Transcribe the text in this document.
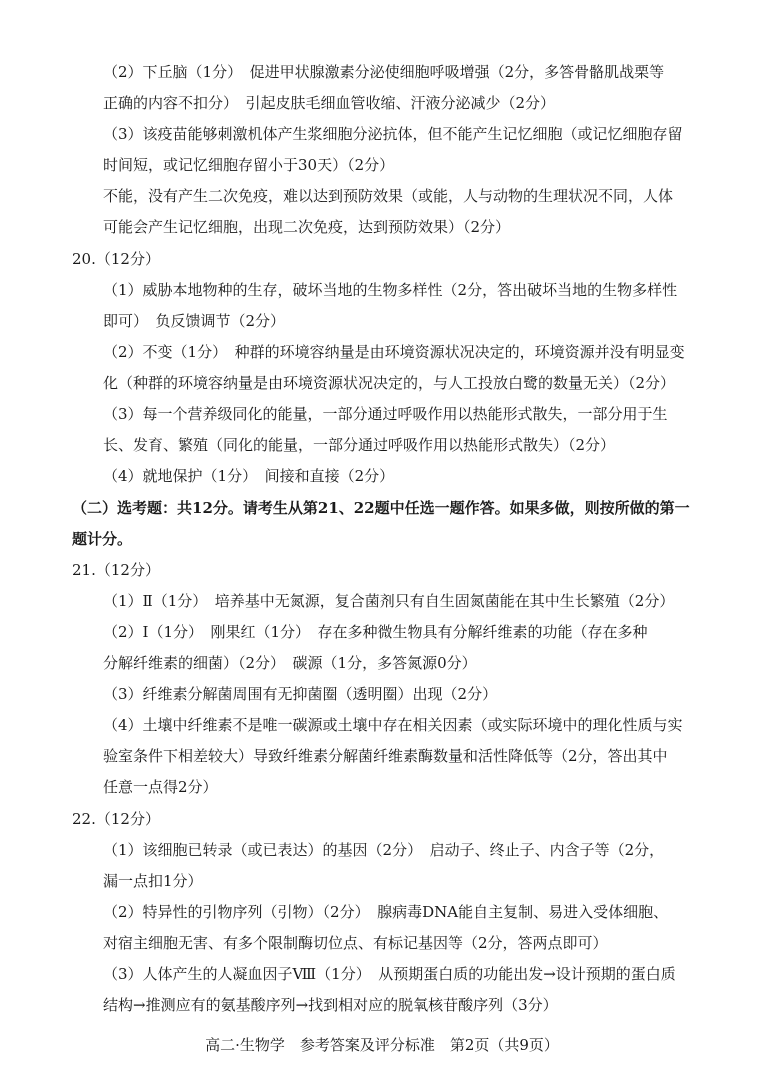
（2）下丘脑（1分）　促进甲状腺激素分泌使细胞呼吸增强（2分，多答骨骼肌战栗等
正确的内容不扣分）　引起皮肤毛细血管收缩、汗液分泌减少（2分）
（3）该疫苗能够刺激机体产生浆细胞分泌抗体，但不能产生记忆细胞（或记忆细胞存留
时间短，或记忆细胞存留小于30天）（2分）
不能，没有产生二次免疫，难以达到预防效果（或能，人与动物的生理状况不同，人体
可能会产生记忆细胞，出现二次免疫，达到预防效果）（2分）
20.（12分）
（1）威胁本地物种的生存，破坏当地的生物多样性（2分，答出破坏当地的生物多样性
即可）　负反馈调节（2分）
（2）不变（1分）　种群的环境容纳量是由环境资源状况决定的，环境资源并没有明显变
化（种群的环境容纳量是由环境资源状况决定的，与人工投放白鹭的数量无关）（2分）
（3）每一个营养级同化的能量，一部分通过呼吸作用以热能形式散失，一部分用于生
长、发育、繁殖（同化的能量，一部分通过呼吸作用以热能形式散失）（2分）
（4）就地保护（1分）　间接和直接（2分）
（二）选考题：共12分。请考生从第21、22题中任选一题作答。如果多做，则按所做的第一
题计分。
21.（12分）
（1）Ⅱ（1分）　培养基中无氮源，复合菌剂只有自生固氮菌能在其中生长繁殖（2分）
（2）Ⅰ（1分）　刚果红（1分）　存在多种微生物具有分解纤维素的功能（存在多种
分解纤维素的细菌）（2分）　碳源（1分，多答氮源0分）
（3）纤维素分解菌周围有无抑菌圈（透明圈）出现（2分）
（4）土壤中纤维素不是唯一碳源或土壤中存在相关因素（或实际环境中的理化性质与实
验室条件下相差较大）导致纤维素分解菌纤维素酶数量和活性降低等（2分，答出其中
任意一点得2分）
22.（12分）
（1）该细胞已转录（或已表达）的基因（2分）　启动子、终止子、内含子等（2分，
漏一点扣1分）
（2）特异性的引物序列（引物）（2分）　腺病毒DNA能自主复制、易进入受体细胞、
对宿主细胞无害、有多个限制酶切位点、有标记基因等（2分，答两点即可）
（3）人体产生的人凝血因子Ⅷ（1分）　从预期蛋白质的功能出发→设计预期的蛋白质
结构→推测应有的氨基酸序列→找到相对应的脱氧核苷酸序列（3分）
高二·生物学　参考答案及评分标准　第2页（共9页）
